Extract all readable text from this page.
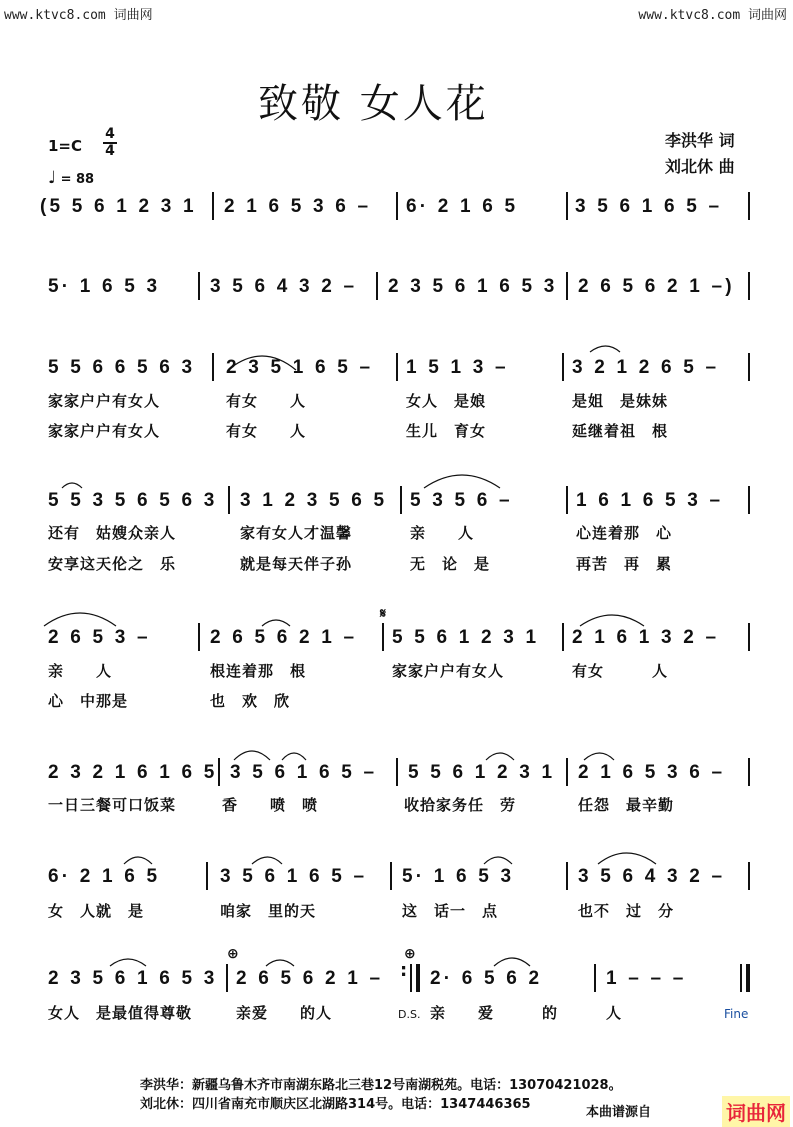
www.ktvc8.com 词曲网	www.ktvc8.com 词曲网
致敬 女人花
李洪华 词
刘北休 曲
1=C
4
4
♩ = 88
(5 5 6 1 2 3 1 2 1 6 5 3 6 – 6· 2 1 6 5	3 5 6 1 6 5 –
5· 1 6 5 3	3 5 6 4 3 2 – 2 3 5 6 1 6 5 3 2 6 5 6 2 1 –)
5 5 6 6 5 6 3 2 3 5 1 6 5 – 1 5 1 3 –	3 2 1 2 6 5 –
家家户户有女人	有女　　人	女人　是娘	是姐　是妹妹
家家户户有女人	有女　　人	生儿　育女	延继着祖　根
5 5 3 5 6 5 6 3 3 1 2 3 5 6 5 5 3 5 6 –	1 6 1 6 5 3 –
还有　姑嫂众亲人	家有女人才温馨	亲　　人	心连着那　心
安享这天伦之　乐	就是每天伴子孙	无　论　是	再苦　再　累
𝄋
2 6 5 3 –	2 6 5 6 2 1 – 5 5 6 1 2 3 1 2 1 6 1 3 2 –
亲　　人	根连着那　根	家家户户有女人	有女　　　人
心　中那是	也　欢　欣
2 3 2 1 6 1 6 5 3 5 6 1 6 5 – 5 5 6 1 2 3 1 2 1 6 5 3 6 –
一日三餐可口饭菜	香　　喷　喷	收拾家务任　劳	任怨　最辛勤
6· 2 1 6 5	3 5 6 1 6 5 – 5· 1 6 5 3	3 5 6 4 3 2 –
女　人就　是	咱家　里的天	这　话一　点	也不　过　分
⊕	⊕
2 3 5 6 1 6 5 3 2 6 5 6 2 1 – 2· 6 5 6 2	1 – – –
:
女人　是最值得尊敬	亲爱　　的人	D.S. 亲　　爱　　　的	人	Fine
李洪华：新疆乌鲁木齐市南湖东路北三巷12号南湖税苑。电话：13070421028。
刘北休：四川省南充市顺庆区北湖路314号。电话：1347446365
本曲谱源自	词曲网
